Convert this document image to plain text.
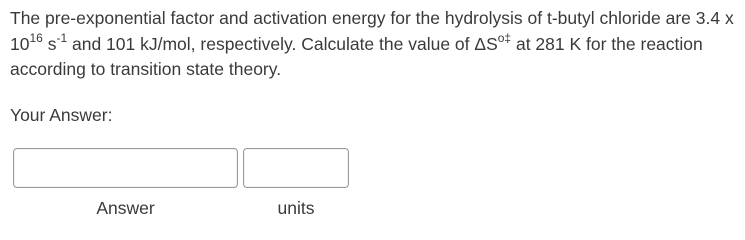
The pre-exponential factor and activation energy for the hydrolysis of t-butyl chloride are 3.4 x $10^{16}$ $s^{-1}$ and 101 kJ/mol, respectively. Calculate the value of $\Delta S^{o\ddagger}$ at 281 K for the reaction according to transition state theory.
Your Answer:
Answer	units
